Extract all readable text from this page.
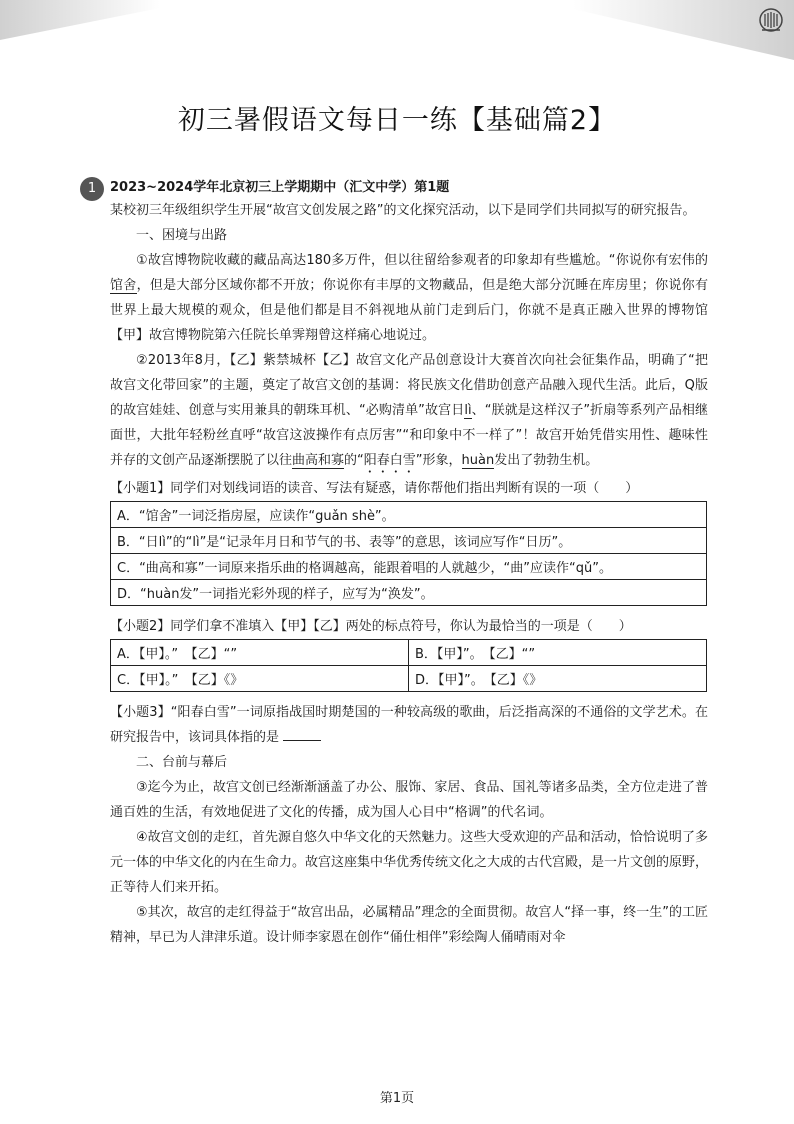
初三暑假语文每日一练【基础篇2】
1	2023~2024学年北京初三上学期期中（汇文中学）第1题

某校初三年级组织学生开展“故宫文创发展之路”的文化探究活动，以下是同学们共同拟写的研究报告。

一、困境与出路

①故宫博物院收藏的藏品高达180多万件，但以往留给参观者的印象却有些尴尬。“你说你有宏伟的馆舍，但是大部分区域你都不开放；你说你有丰厚的文物藏品，但是绝大部分沉睡在库房里；你说你有世界上最大规模的观众，但是他们都是目不斜视地从前门走到后门，你就不是真正融入世界的博物馆【甲】故宫博物院第六任院长单霁翔曾这样痛心地说过。

②2013年8月，【乙】紫禁城杯【乙】故宫文化产品创意设计大赛首次向社会征集作品，明确了“把故宫文化带回家”的主题，奠定了故宫文创的基调：将民族文化借助创意产品融入现代生活。此后，Q版的故宫娃娃、创意与实用兼具的朝珠耳机、“必购清单”故宫日lì、“朕就是这样汉子”折扇等系列产品相继面世，大批年轻粉丝直呼“故宫这波操作有点厉害”“和印象中不一样了”！故宫开始凭借实用性、趣味性并存的文创产品逐渐摆脱了以往曲高和寡的“阳春白雪”形象，huàn发出了勃勃生机。

【小题1】同学们对划线词语的读音、写法有疑惑，请你帮他们指出判断有误的一项（　　）
A．“馆舍”一词泛指房屋，应读作“guǎn shè”。
B．“日lì”的“lì”是“记录年月日和节气的书、表等”的意思，该词应写作“日历”。
C．“曲高和寡”一词原来指乐曲的格调越高，能跟着唱的人就越少，“曲”应读作“qǔ”。
D．“huàn发”一词指光彩外现的样子，应写为“涣发”。
【小题2】同学们拿不准填入【甲】【乙】两处的标点符号，你认为最恰当的一项是（　　）
A．【甲】。”　【乙】“”	B．【甲】”。　【乙】“”
C．【甲】。”　【乙】《》	D．【甲】”。　【乙】《》

【小题3】“阳春白雪”一词原指战国时期楚国的一种较高级的歌曲，后泛指高深的不通俗的文学艺术。在研究报告中，该词具体指的是

二、台前与幕后

③迄今为止，故宫文创已经渐渐涵盖了办公、服饰、家居、食品、国礼等诸多品类，全方位走进了普通百姓的生活，有效地促进了文化的传播，成为国人心目中“格调”的代名词。

④故宫文创的走红，首先源自悠久中华文化的天然魅力。这些大受欢迎的产品和活动，恰恰说明了多元一体的中华文化的内在生命力。故宫这座集中华优秀传统文化之大成的古代宫殿，是一片文创的原野，正等待人们来开拓。

⑤其次，故宫的走红得益于“故宫出品，必属精品”理念的全面贯彻。故宫人“择一事，终一生”的工匠精神，早已为人津津乐道。设计师李家恩在创作“俑仕相伴”彩绘陶人俑晴雨对伞

第1页
